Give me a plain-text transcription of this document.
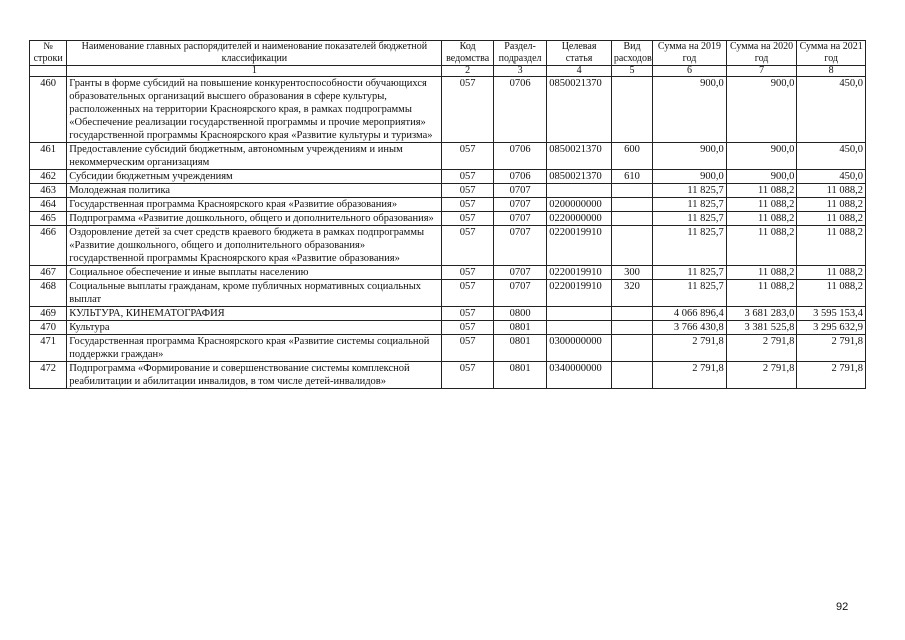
№ строки	Наименование главных распорядителей и наименование показателей бюджетной классификации	Код ведомства	Раздел-подраздел	Целевая статья	Вид расходов	Сумма на 2019 год	Сумма на 2020 год	Сумма на 2021 год
	1	2	3	4	5	6	7	8
460	Гранты в форме субсидий на повышение конкурентоспособности обучающихся образовательных организаций высшего образования в сфере культуры, расположенных на территории Красноярского края, в рамках подпрограммы «Обеспечение реализации государственной программы и прочие мероприятия» государственной программы Красноярского края «Развитие культуры и туризма»	057	0706	0850021370		900,0	900,0	450,0
461	Предоставление субсидий бюджетным, автономным учреждениям и иным некоммерческим организациям	057	0706	0850021370	600	900,0	900,0	450,0
462	Субсидии бюджетным учреждениям	057	0706	0850021370	610	900,0	900,0	450,0
463	Молодежная политика	057	0707			11 825,7	11 088,2	11 088,2
464	Государственная программа Красноярского края «Развитие образования»	057	0707	0200000000		11 825,7	11 088,2	11 088,2
465	Подпрограмма «Развитие дошкольного, общего и дополнительного образования»	057	0707	0220000000		11 825,7	11 088,2	11 088,2
466	Оздоровление детей за счет средств краевого бюджета в рамках подпрограммы «Развитие дошкольного, общего и дополнительного образования» государственной программы Красноярского края «Развитие образования»	057	0707	0220019910		11 825,7	11 088,2	11 088,2
467	Социальное обеспечение и иные выплаты населению	057	0707	0220019910	300	11 825,7	11 088,2	11 088,2
468	Социальные выплаты гражданам, кроме публичных нормативных социальных выплат	057	0707	0220019910	320	11 825,7	11 088,2	11 088,2
469	КУЛЬТУРА, КИНЕМАТОГРАФИЯ	057	0800			4 066 896,4	3 681 283,0	3 595 153,4
470	Культура	057	0801			3 766 430,8	3 381 525,8	3 295 632,9
471	Государственная программа Красноярского края «Развитие системы социальной поддержки граждан»	057	0801	0300000000		2 791,8	2 791,8	2 791,8
472	Подпрограмма «Формирование и совершенствование системы комплексной реабилитации и абилитации инвалидов, в том числе детей-инвалидов»	057	0801	0340000000		2 791,8	2 791,8	2 791,8
92
